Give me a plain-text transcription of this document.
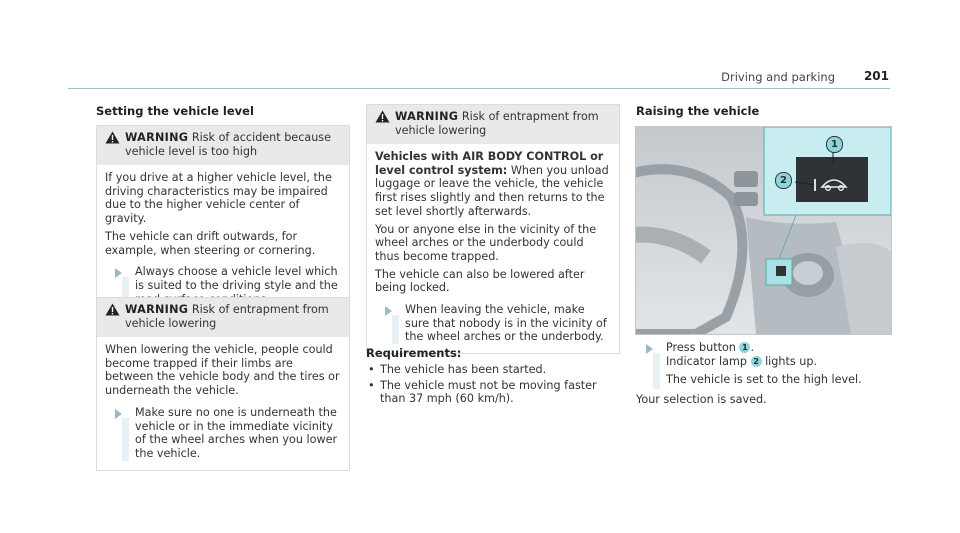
Driving and parking 201
Setting the vehicle level
WARNING Risk of accident because vehicle level is too high

If you drive at a higher vehicle level, the driving characteristics may be impaired due to the higher vehicle center of gravity.

The vehicle can drift outwards, for example, when steering or cornering.

Always choose a vehicle level which is suited to the driving style and the
WARNING Risk of entrapment from vehicle lowering

When lowering the vehicle, people could become trapped if their limbs are between the vehicle body and the tires or underneath the vehicle.

Make sure no one is underneath the vehicle or in the immediate vicinity of the wheel arches when you lower the vehicle.
WARNING Risk of entrapment from vehicle lowering

Vehicles with AIR BODY CONTROL or level control system: When you unload luggage or leave the vehicle, the vehicle first rises slightly and then returns to the set level shortly afterwards.

You or anyone else in the vicinity of the wheel arches or the underbody could thus become trapped.

The vehicle can also be lowered after being locked.

When leaving the vehicle, make sure that nobody is in the vicinity of the wheel arches or the underbody.
Requirements:
• The vehicle has been started.
• The vehicle must not be moving faster than 37 mph (60 km/h).
Raising the vehicle
1
2
Press button 1 .
Indicator lamp 2 lights up.
The vehicle is set to the high level.
Your selection is saved.
